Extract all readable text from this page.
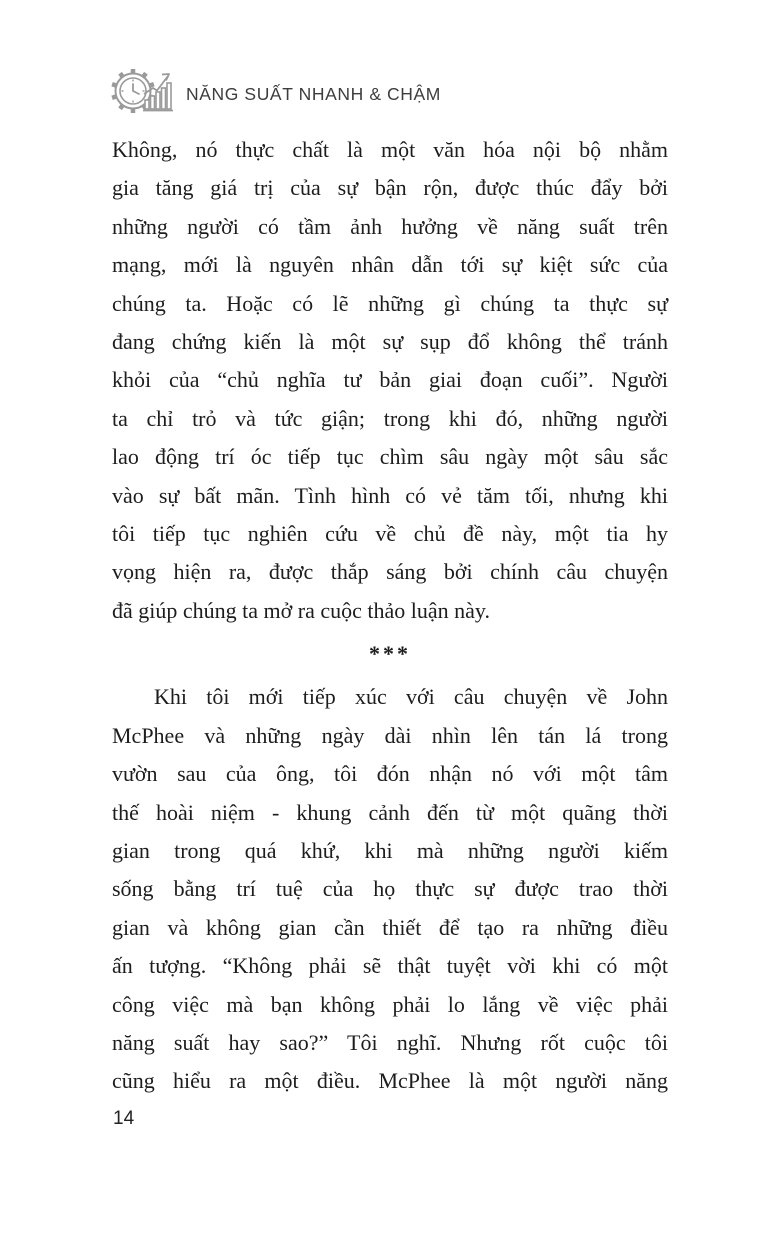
NĂNG SUẤT NHANH & CHẬM
Không, nó thực chất là một văn hóa nội bộ nhằm
gia tăng giá trị của sự bận rộn, được thúc đẩy bởi
những người có tầm ảnh hưởng về năng suất trên
mạng, mới là nguyên nhân dẫn tới sự kiệt sức của
chúng ta. Hoặc có lẽ những gì chúng ta thực sự
đang chứng kiến là một sự sụp đổ không thể tránh
khỏi của “chủ nghĩa tư bản giai đoạn cuối”. Người
ta chỉ trỏ và tức giận; trong khi đó, những người
lao động trí óc tiếp tục chìm sâu ngày một sâu sắc
vào sự bất mãn. Tình hình có vẻ tăm tối, nhưng khi
tôi tiếp tục nghiên cứu về chủ đề này, một tia hy
vọng hiện ra, được thắp sáng bởi chính câu chuyện
đã giúp chúng ta mở ra cuộc thảo luận này.
***
Khi tôi mới tiếp xúc với câu chuyện về John
McPhee và những ngày dài nhìn lên tán lá trong
vườn sau của ông, tôi đón nhận nó với một tâm
thế hoài niệm - khung cảnh đến từ một quãng thời
gian trong quá khứ, khi mà những người kiếm
sống bằng trí tuệ của họ thực sự được trao thời
gian và không gian cần thiết để tạo ra những điều
ấn tượng. “Không phải sẽ thật tuyệt vời khi có một
công việc mà bạn không phải lo lắng về việc phải
năng suất hay sao?” Tôi nghĩ. Nhưng rốt cuộc tôi
cũng hiểu ra một điều. McPhee là một người năng
14
